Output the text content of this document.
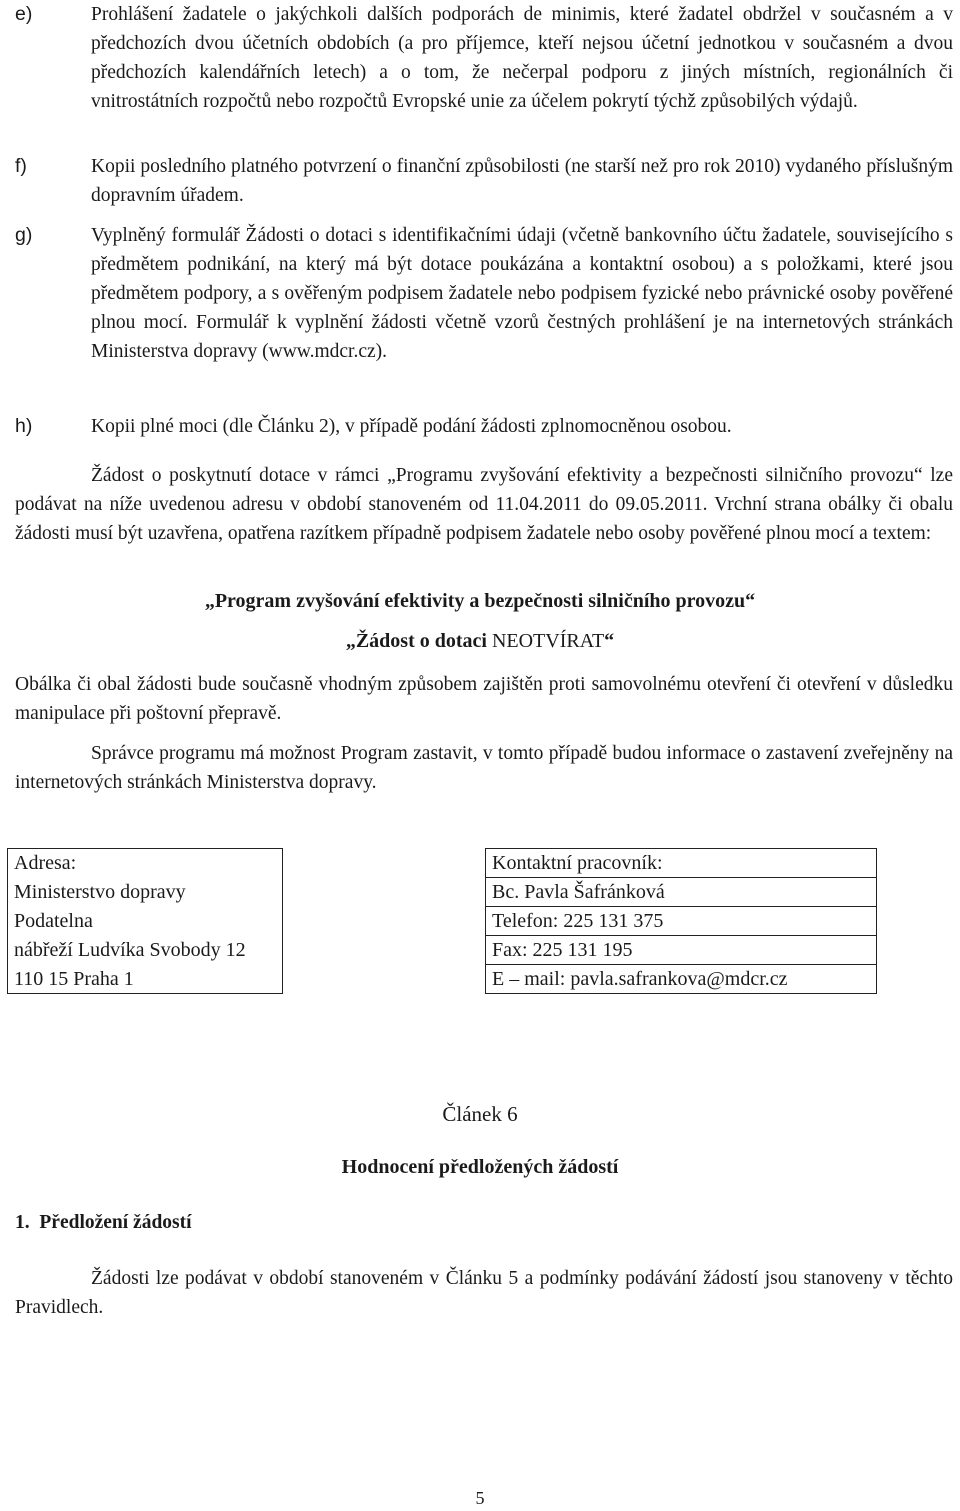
e)	Prohlášení žadatele o jakýchkoli dalších podporách de minimis, které žadatel obdržel v současném a v předchozích dvou účetních obdobích (a pro příjemce, kteří nejsou účetní jednotkou v současném a dvou předchozích kalendářních letech) a o tom, že nečerpal podporu z jiných místních, regionálních či vnitrostátních rozpočtů nebo rozpočtů Evropské unie za účelem pokrytí týchž způsobilých výdajů.
f)	Kopii posledního platného potvrzení o finanční způsobilosti (ne starší než pro rok 2010) vydaného příslušným dopravním úřadem.
g)	Vyplněný formulář Žádosti o dotaci s identifikačními údaji (včetně bankovního účtu žadatele, souvisejícího s předmětem podnikání, na který má být dotace poukázána a kontaktní osobou) a s položkami, které jsou předmětem podpory, a s ověřeným podpisem žadatele nebo podpisem fyzické nebo právnické osoby pověřené plnou mocí. Formulář k vyplnění žádosti včetně vzorů čestných prohlášení je na internetových stránkách Ministerstva dopravy (www.mdcr.cz).
h)	Kopii plné moci (dle Článku 2), v případě podání žádosti zplnomocněnou osobou.
Žádost o poskytnutí dotace v rámci „Programu zvyšování efektivity a bezpečnosti silničního provozu“ lze podávat na níže uvedenou adresu v období stanoveném od 11.04.2011 do 09.05.2011. Vrchní strana obálky či obalu žádosti musí být uzavřena, opatřena razítkem případně podpisem žadatele nebo osoby pověřené plnou mocí a textem:
„Program zvyšování efektivity a bezpečnosti silničního provozu“
„Žádost o dotaci NEOTVÍRAT“
Obálka či obal žádosti bude současně vhodným způsobem zajištěn proti samovolnému otevření či otevření v důsledku manipulace při poštovní přepravě.
Správce programu má možnost Program zastavit, v tomto případě budou informace o zastavení zveřejněny na internetových stránkách Ministerstva dopravy.
Adresa:		Kontaktní pracovník:
Ministerstvo dopravy		Bc. Pavla Šafránková
Podatelna		Telefon: 225 131 375
nábřeží Ludvíka Svobody 12		Fax: 225 131 195
110 15 Praha 1		E – mail: pavla.safrankova@mdcr.cz
Článek 6
Hodnocení předložených žádostí
1.  Předložení žádostí
Žádosti lze podávat v období stanoveném v Článku 5 a podmínky podávání žádostí jsou stanoveny v těchto Pravidlech.
5
